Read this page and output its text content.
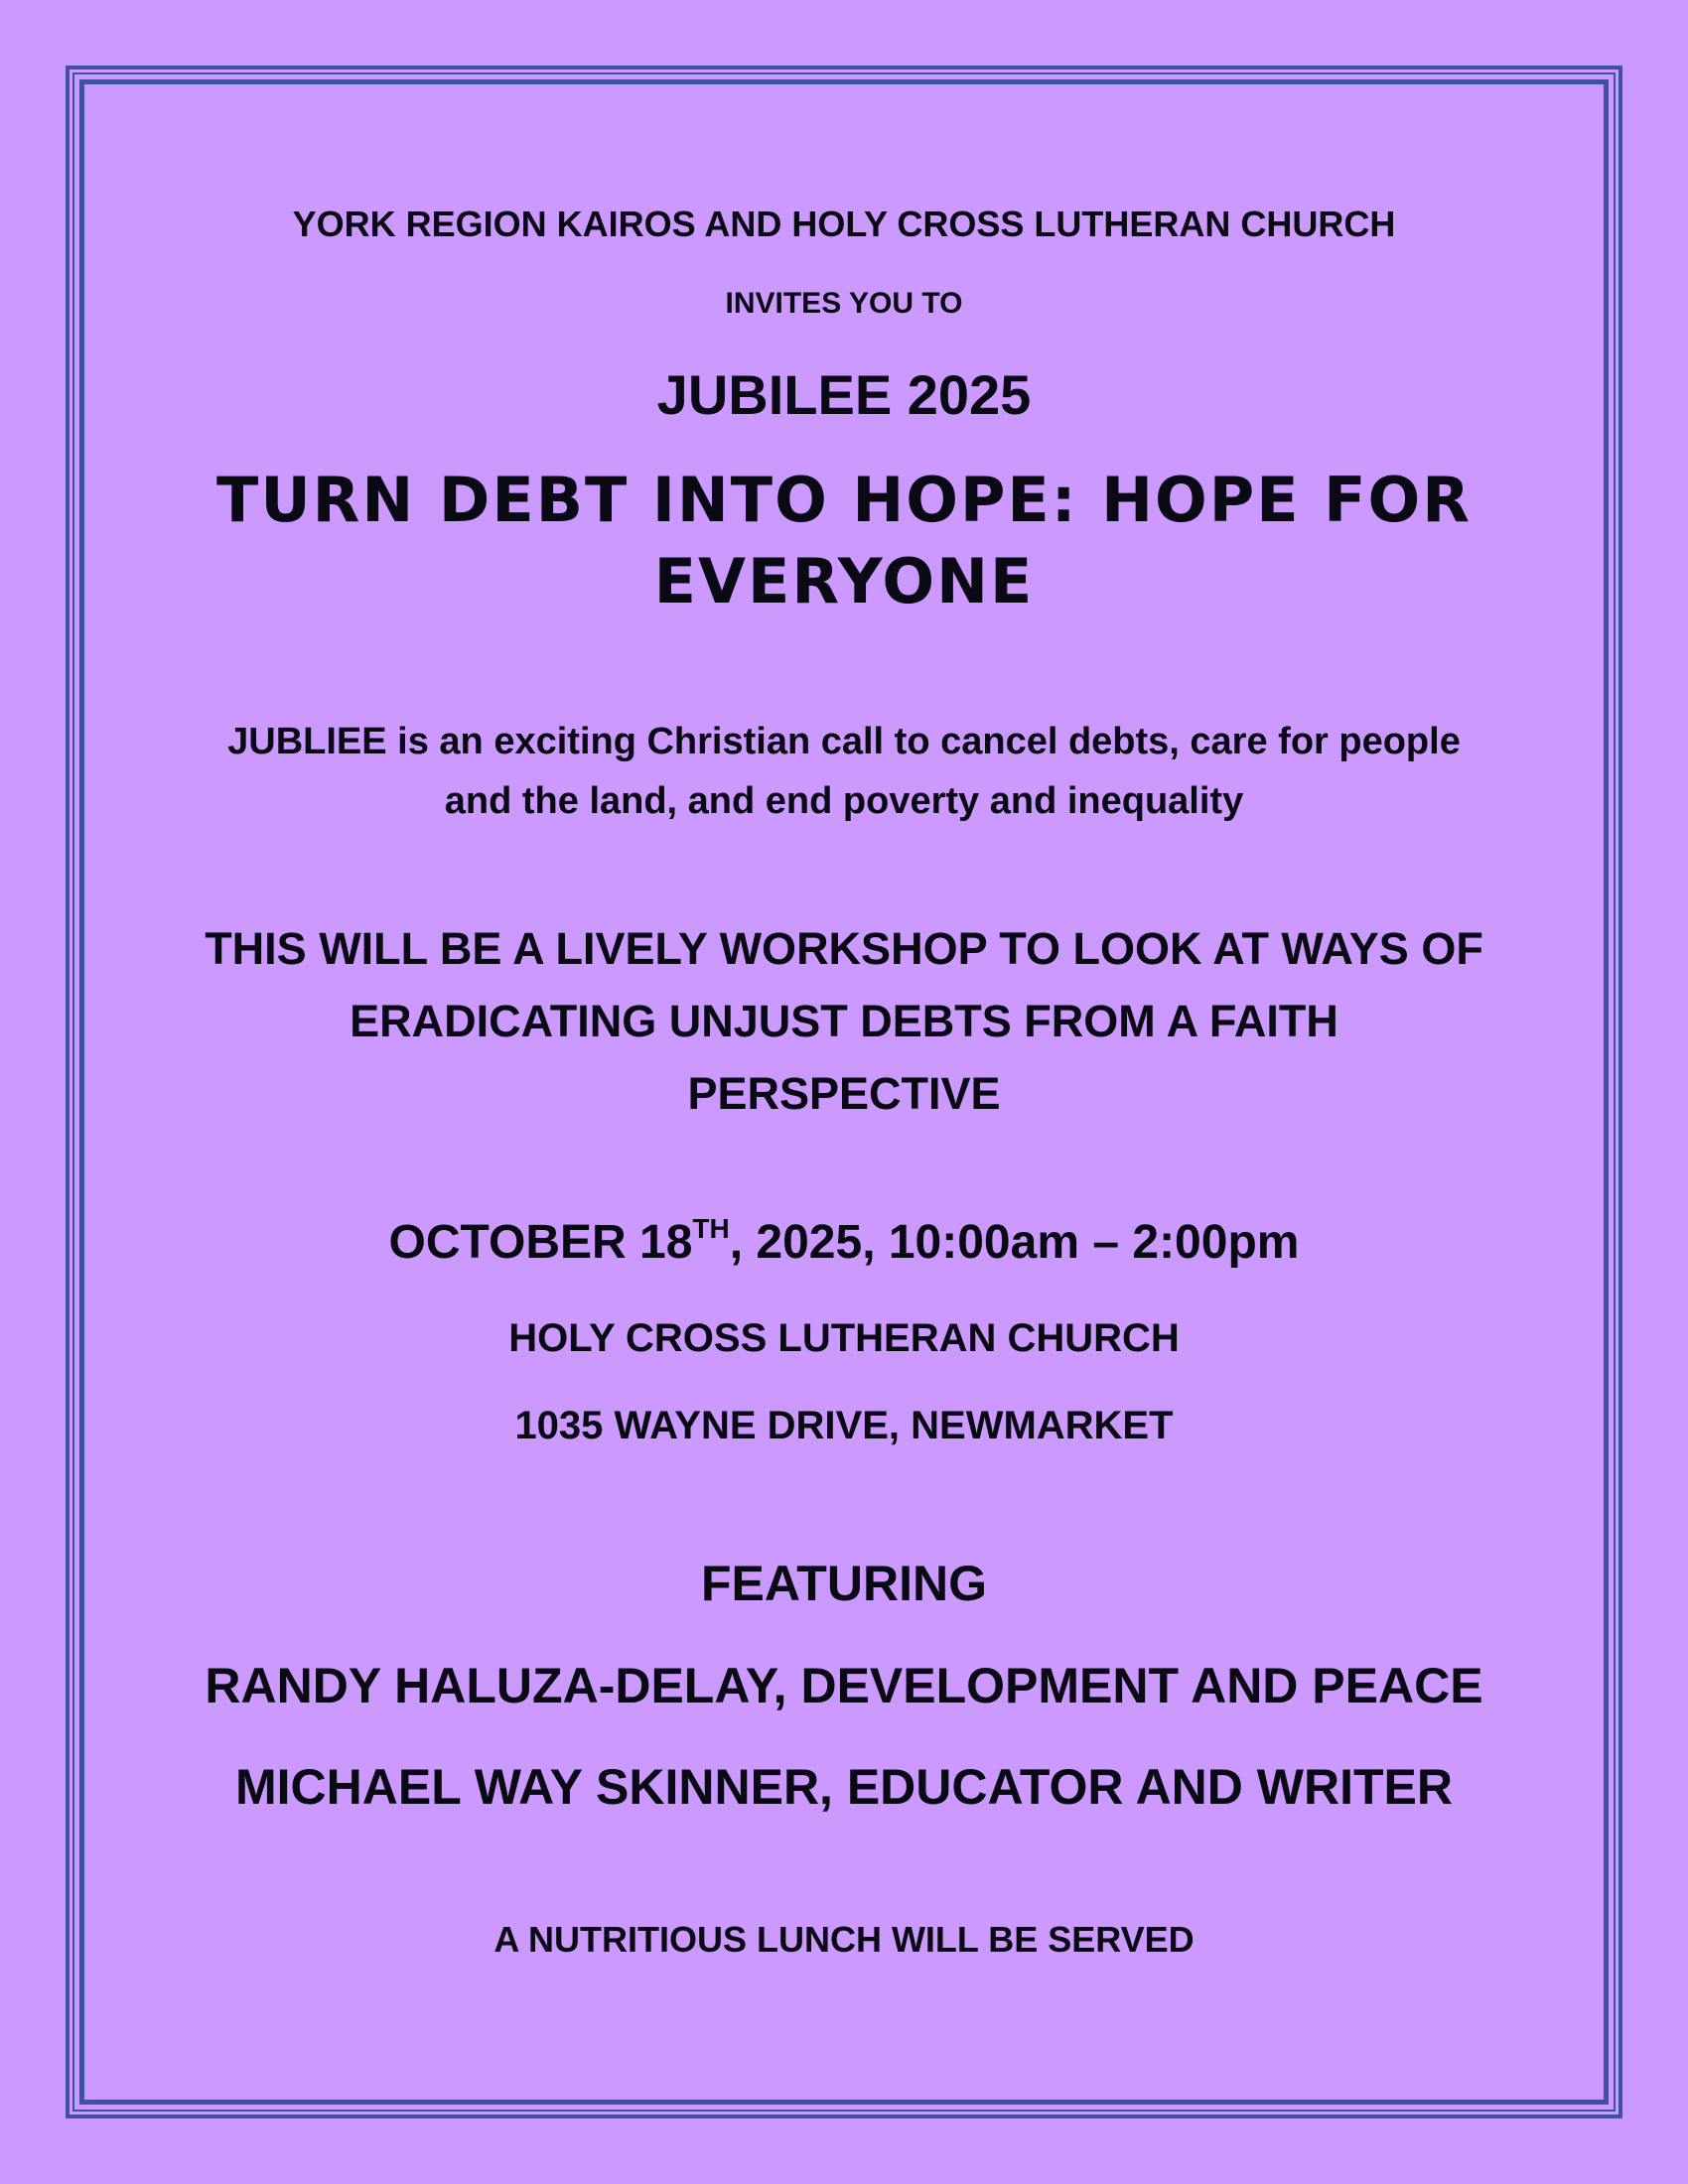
YORK REGION KAIROS AND HOLY CROSS LUTHERAN CHURCH

INVITES YOU TO

JUBILEE 2025

TURN DEBT INTO HOPE: HOPE FOR
EVERYONE

JUBLIEE is an exciting Christian call to cancel debts, care for people
and the land, and end poverty and inequality

THIS WILL BE A LIVELY WORKSHOP TO LOOK AT WAYS OF
ERADICATING UNJUST DEBTS FROM A FAITH
PERSPECTIVE

OCTOBER 18TH, 2025, 10:00am – 2:00pm

HOLY CROSS LUTHERAN CHURCH

1035 WAYNE DRIVE, NEWMARKET

FEATURING

RANDY HALUZA-DELAY, DEVELOPMENT AND PEACE

MICHAEL WAY SKINNER, EDUCATOR AND WRITER

A NUTRITIOUS LUNCH WILL BE SERVED
